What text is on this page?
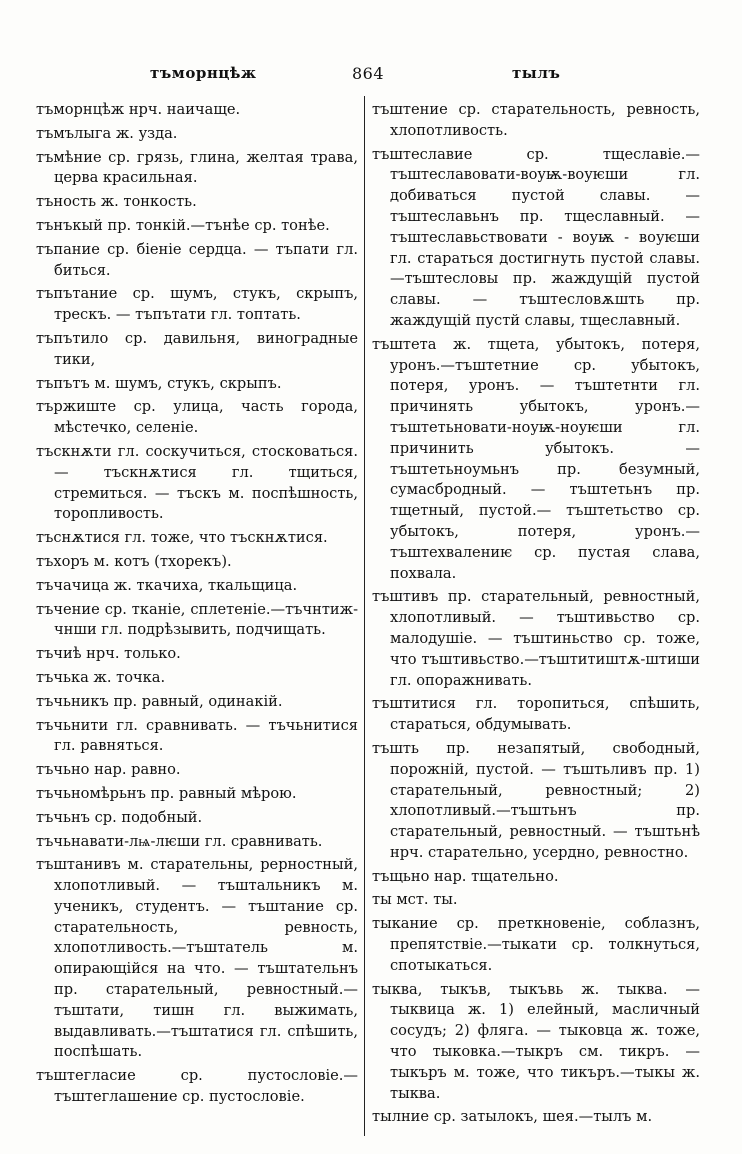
тъморнцѣж	864	тылъ

тъморнцѣж нрч. наичаще.

тъмълыга ж. узда.

тъмѣние ср. грязь, глина, желтая трава, церва красильная.

тъность ж. тонкость.

тънъкый пр. тонкій.—тънѣе ср. тонѣе.

тъпание ср. біеніе сердца. — тъпати гл. биться.

тъпътание ср. шумъ, стукъ, скрыпъ, трескъ. — тъпътати гл. топтать.

тъпътило ср. давильня, виноградные тики,

тъпътъ м. шумъ, стукъ, скрыпъ.

тържиште ср. улица, часть города, мѣстечко, селеніе.

тъскнѫти гл. соскучиться, стосковаться. — тъскнѫтися гл. тщиться, стремиться. — тъскъ м. поспѣшность, торопливость.

тъснѫтися гл. тоже, что тъскнѫтися.

тъхоръ м. котъ (тхорекъ).

тъчачица ж. ткачиха, ткальщица.

тъчение ср. тканіе, сплетеніе.—тъчнтиж-чнши гл. подрѣзывить, подчищать.

тъчиѣ нрч. только.

тъчька ж. точка.

тъчьникъ пр. равный, одинакій.

тъчьнити гл. сравнивать. — тъчьнитися гл. равняться.

тъчьно нар. равно.

тъчьномѣрьнъ пр. равный мѣрою.

тъчьнъ ср. подобный.

тъчьнавати-лѩ-лѥши гл. сравнивать.

тъштанивъ м. старательны, рерностный, хлопотливый. — тъштальникъ м. ученикъ, студентъ. — тъштание ср. старательность, ревность, хлопотливость.—тъштатель м. опирающійся на что. — тъштательнъ пр. старательный, ревностный.—тъштати, тишн гл. выжимать, выдавливать.—тъштатися гл. спѣшить, поспѣшать.

тъштегласие ср. пустословіе.—тъштеглашение ср. пустословіе.

тъштение ср. старательность, ревность, хлопотливость.

тъштеславие ср. тщеславіе.—тъштеславовати-воуѭ-воуѥши гл. добиваться пустой славы. — тъштеславьнъ пр. тщеславный. — тъштеславьствовати - воуѭ - воуѥши гл. стараться достигнуть пустой славы. —тъштесловы пр. жаждущій пустой славы. — тъштесловѫшть пр. жаждущій пустй славы, тщеславный.

тъштета ж. тщета, убытокъ, потеря, уронъ.—тъштетние ср. убытокъ, потеря, уронъ. — тъштетнти гл. причинять убытокъ, уронъ.—тъштетьновати-ноуѭ-ноуѥши гл. причинить убытокъ. — тъштетьноумьнъ пр. безумный, сумасбродный. — тъштетьнъ пр. тщетный, пустой.— тъштетьство ср. убытокъ, потеря, уронъ.—тъштехвалениѥ ср. пустая слава, похвала.

тъштивъ пр. старательный, ревностный, хлопотливый. — тъштивьство ср. малодушіе. — тъштиньство ср. тоже, что тъштивьство.—тъштитиштѫ-штиши гл. опоражнивать.

тъштитися гл. торопиться, спѣшить, стараться, обдумывать.

тъшть пр. незапятый, свободный, порожній, пустой. — тъштьливъ пр. 1) старательный, ревностный; 2) хлопотливый.—тъштьнъ пр. старательный, ревностный. — тъштьнѣ нрч. старательно, усердно, ревностно.

тъщьно нар. тщательно.

ты мст. ты.

тыкание ср. преткновеніе, соблазнъ, препятствіе.—тыкати ср. толкнуться, спотыкаться.

тыква, тыкъв, тыкъвь ж. тыква. — тыквица ж. 1) елейный, масличный сосудъ; 2) фляга. — тыковца ж. тоже, что тыковка.—тыкръ см. тикръ. —тыкъръ м. тоже, что тикъръ.—тыкы ж. тыква.

тылние ср. затылокъ, шея.—тылъ м.
